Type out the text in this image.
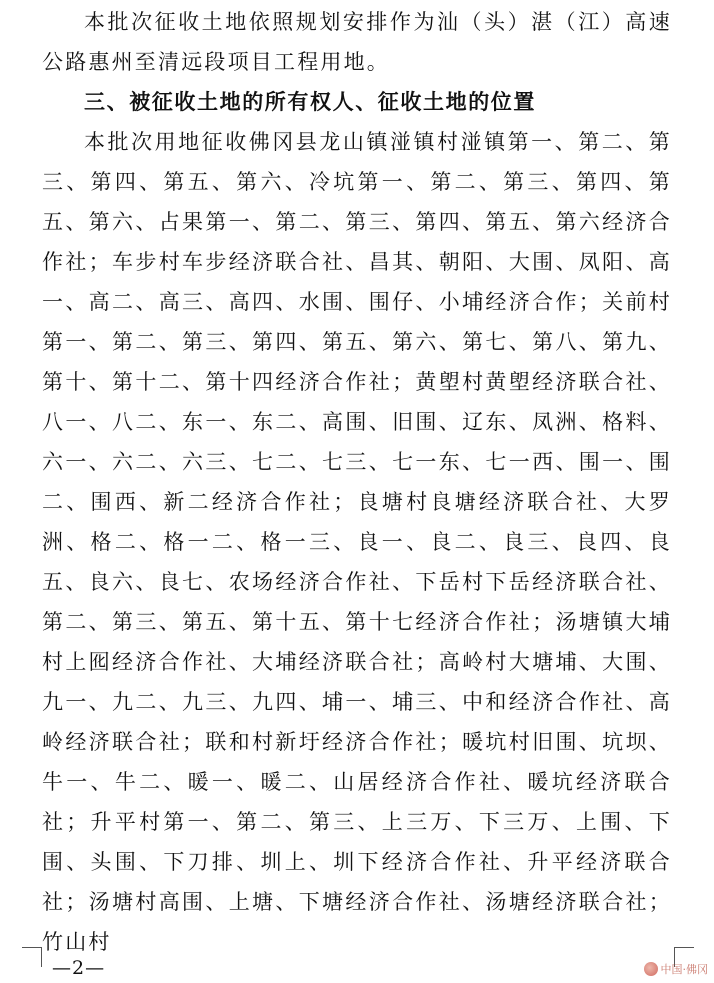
本批次征收土地依照规划安排作为汕（头）湛（江）高速公路惠州至清远段项目工程用地。

三、被征收土地的所有权人、征收土地的位置

本批次用地征收佛冈县龙山镇湴镇村湴镇第一、第二、第三、第四、第五、第六、冷坑第一、第二、第三、第四、第五、第六、占果第一、第二、第三、第四、第五、第六经济合作社；车步村车步经济联合社、昌其、朝阳、大围、凤阳、高一、高二、高三、高四、水围、围仔、小埔经济合作；关前村第一、第二、第三、第四、第五、第六、第七、第八、第九、第十、第十二、第十四经济合作社；黄塱村黄塱经济联合社、八一、八二、东一、东二、高围、旧围、辽东、凤洲、格料、六一、六二、六三、七二、七三、七一东、七一西、围一、围二、围西、新二经济合作社；良塘村良塘经济联合社、大罗洲、格二、格一二、格一三、良一、良二、良三、良四、良五、良六、良七、农场经济合作社、下岳村下岳经济联合社、第二、第三、第五、第十五、第十七经济合作社；汤塘镇大埔村上囮经济合作社、大埔经济联合社；高岭村大塘埔、大围、九一、九二、九三、九四、埔一、埔三、中和经济合作社、高岭经济联合社；联和村新圩经济合作社；暖坑村旧围、坑坝、牛一、牛二、暖一、暖二、山居经济合作社、暖坑经济联合社；升平村第一、第二、第三、上三万、下三万、上围、下围、头围、下刀排、圳上、圳下经济合作社、升平经济联合社；汤塘村高围、上塘、下塘经济合作社、汤塘经济联合社；竹山村

—2—	中国·佛冈
